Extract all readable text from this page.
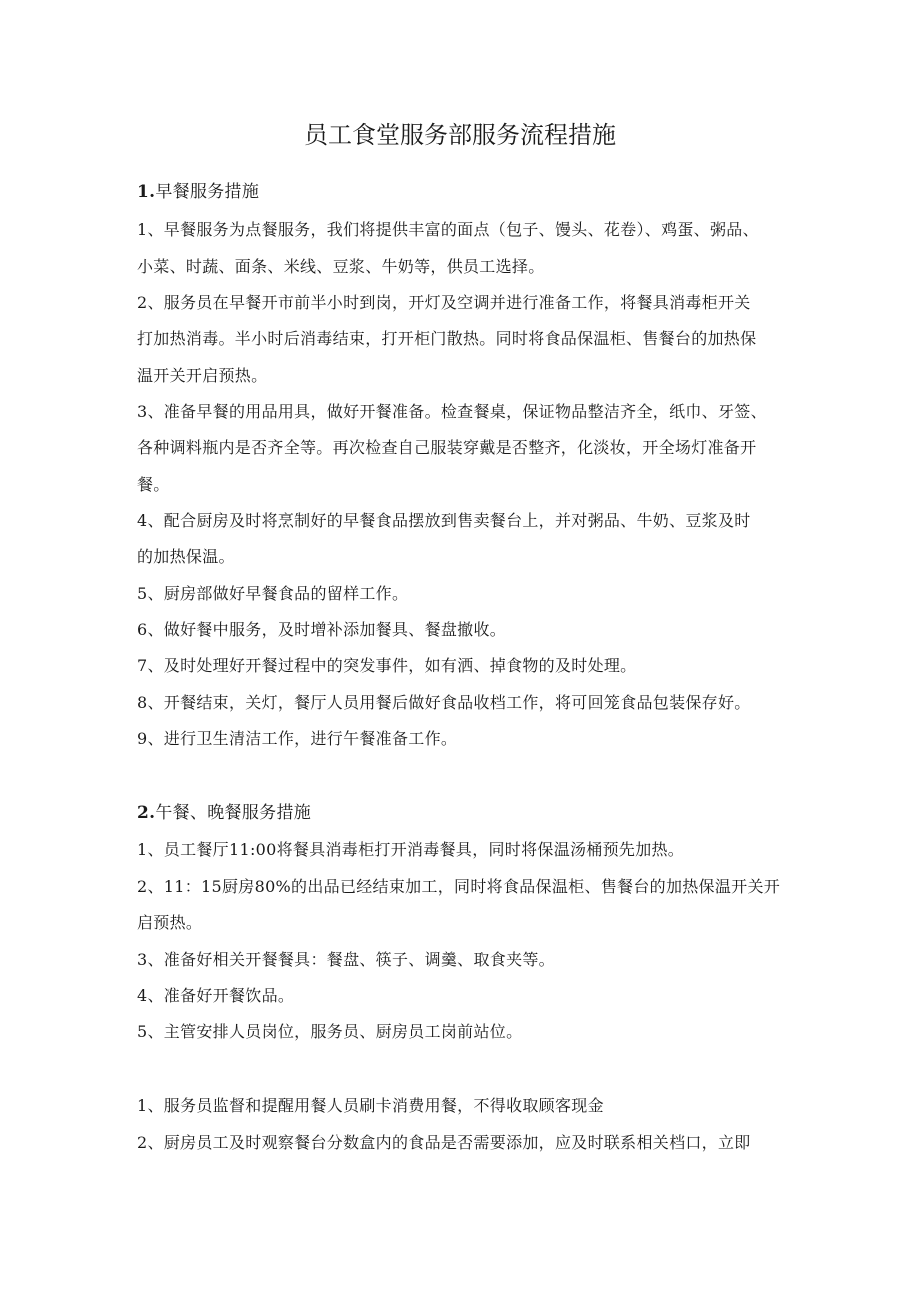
员工食堂服务部服务流程措施

1.早餐服务措施

1、早餐服务为点餐服务，我们将提供丰富的面点（包子、馒头、花卷）、鸡蛋、粥品、

小菜、时蔬、面条、米线、豆浆、牛奶等，供员工选择。

2、服务员在早餐开市前半小时到岗，开灯及空调并进行准备工作，将餐具消毒柜开关

打加热消毒。半小时后消毒结束，打开柜门散热。同时将食品保温柜、售餐台的加热保

温开关开启预热。

3、准备早餐的用品用具，做好开餐准备。检查餐桌，保证物品整洁齐全，纸巾、牙签、

各种调料瓶内是否齐全等。再次检查自己服装穿戴是否整齐，化淡妆，开全场灯准备开

餐。

4、配合厨房及时将烹制好的早餐食品摆放到售卖餐台上，并对粥品、牛奶、豆浆及时

的加热保温。

5、厨房部做好早餐食品的留样工作。

6、做好餐中服务，及时增补添加餐具、餐盘撤收。

7、及时处理好开餐过程中的突发事件，如有洒、掉食物的及时处理。

8、开餐结束，关灯，餐厅人员用餐后做好食品收档工作，将可回笼食品包装保存好。

9、进行卫生清洁工作，进行午餐准备工作。

2.午餐、晚餐服务措施

1、员工餐厅11:00将餐具消毒柜打开消毒餐具，同时将保温汤桶预先加热。

2、11：15厨房80%的出品已经结束加工，同时将食品保温柜、售餐台的加热保温开关开

启预热。

3、准备好相关开餐餐具：餐盘、筷子、调羹、取食夹等。

4、准备好开餐饮品。

5、主管安排人员岗位，服务员、厨房员工岗前站位。

1、服务员监督和提醒用餐人员刷卡消费用餐，不得收取顾客现金

2、厨房员工及时观察餐台分数盒内的食品是否需要添加，应及时联系相关档口，立即
